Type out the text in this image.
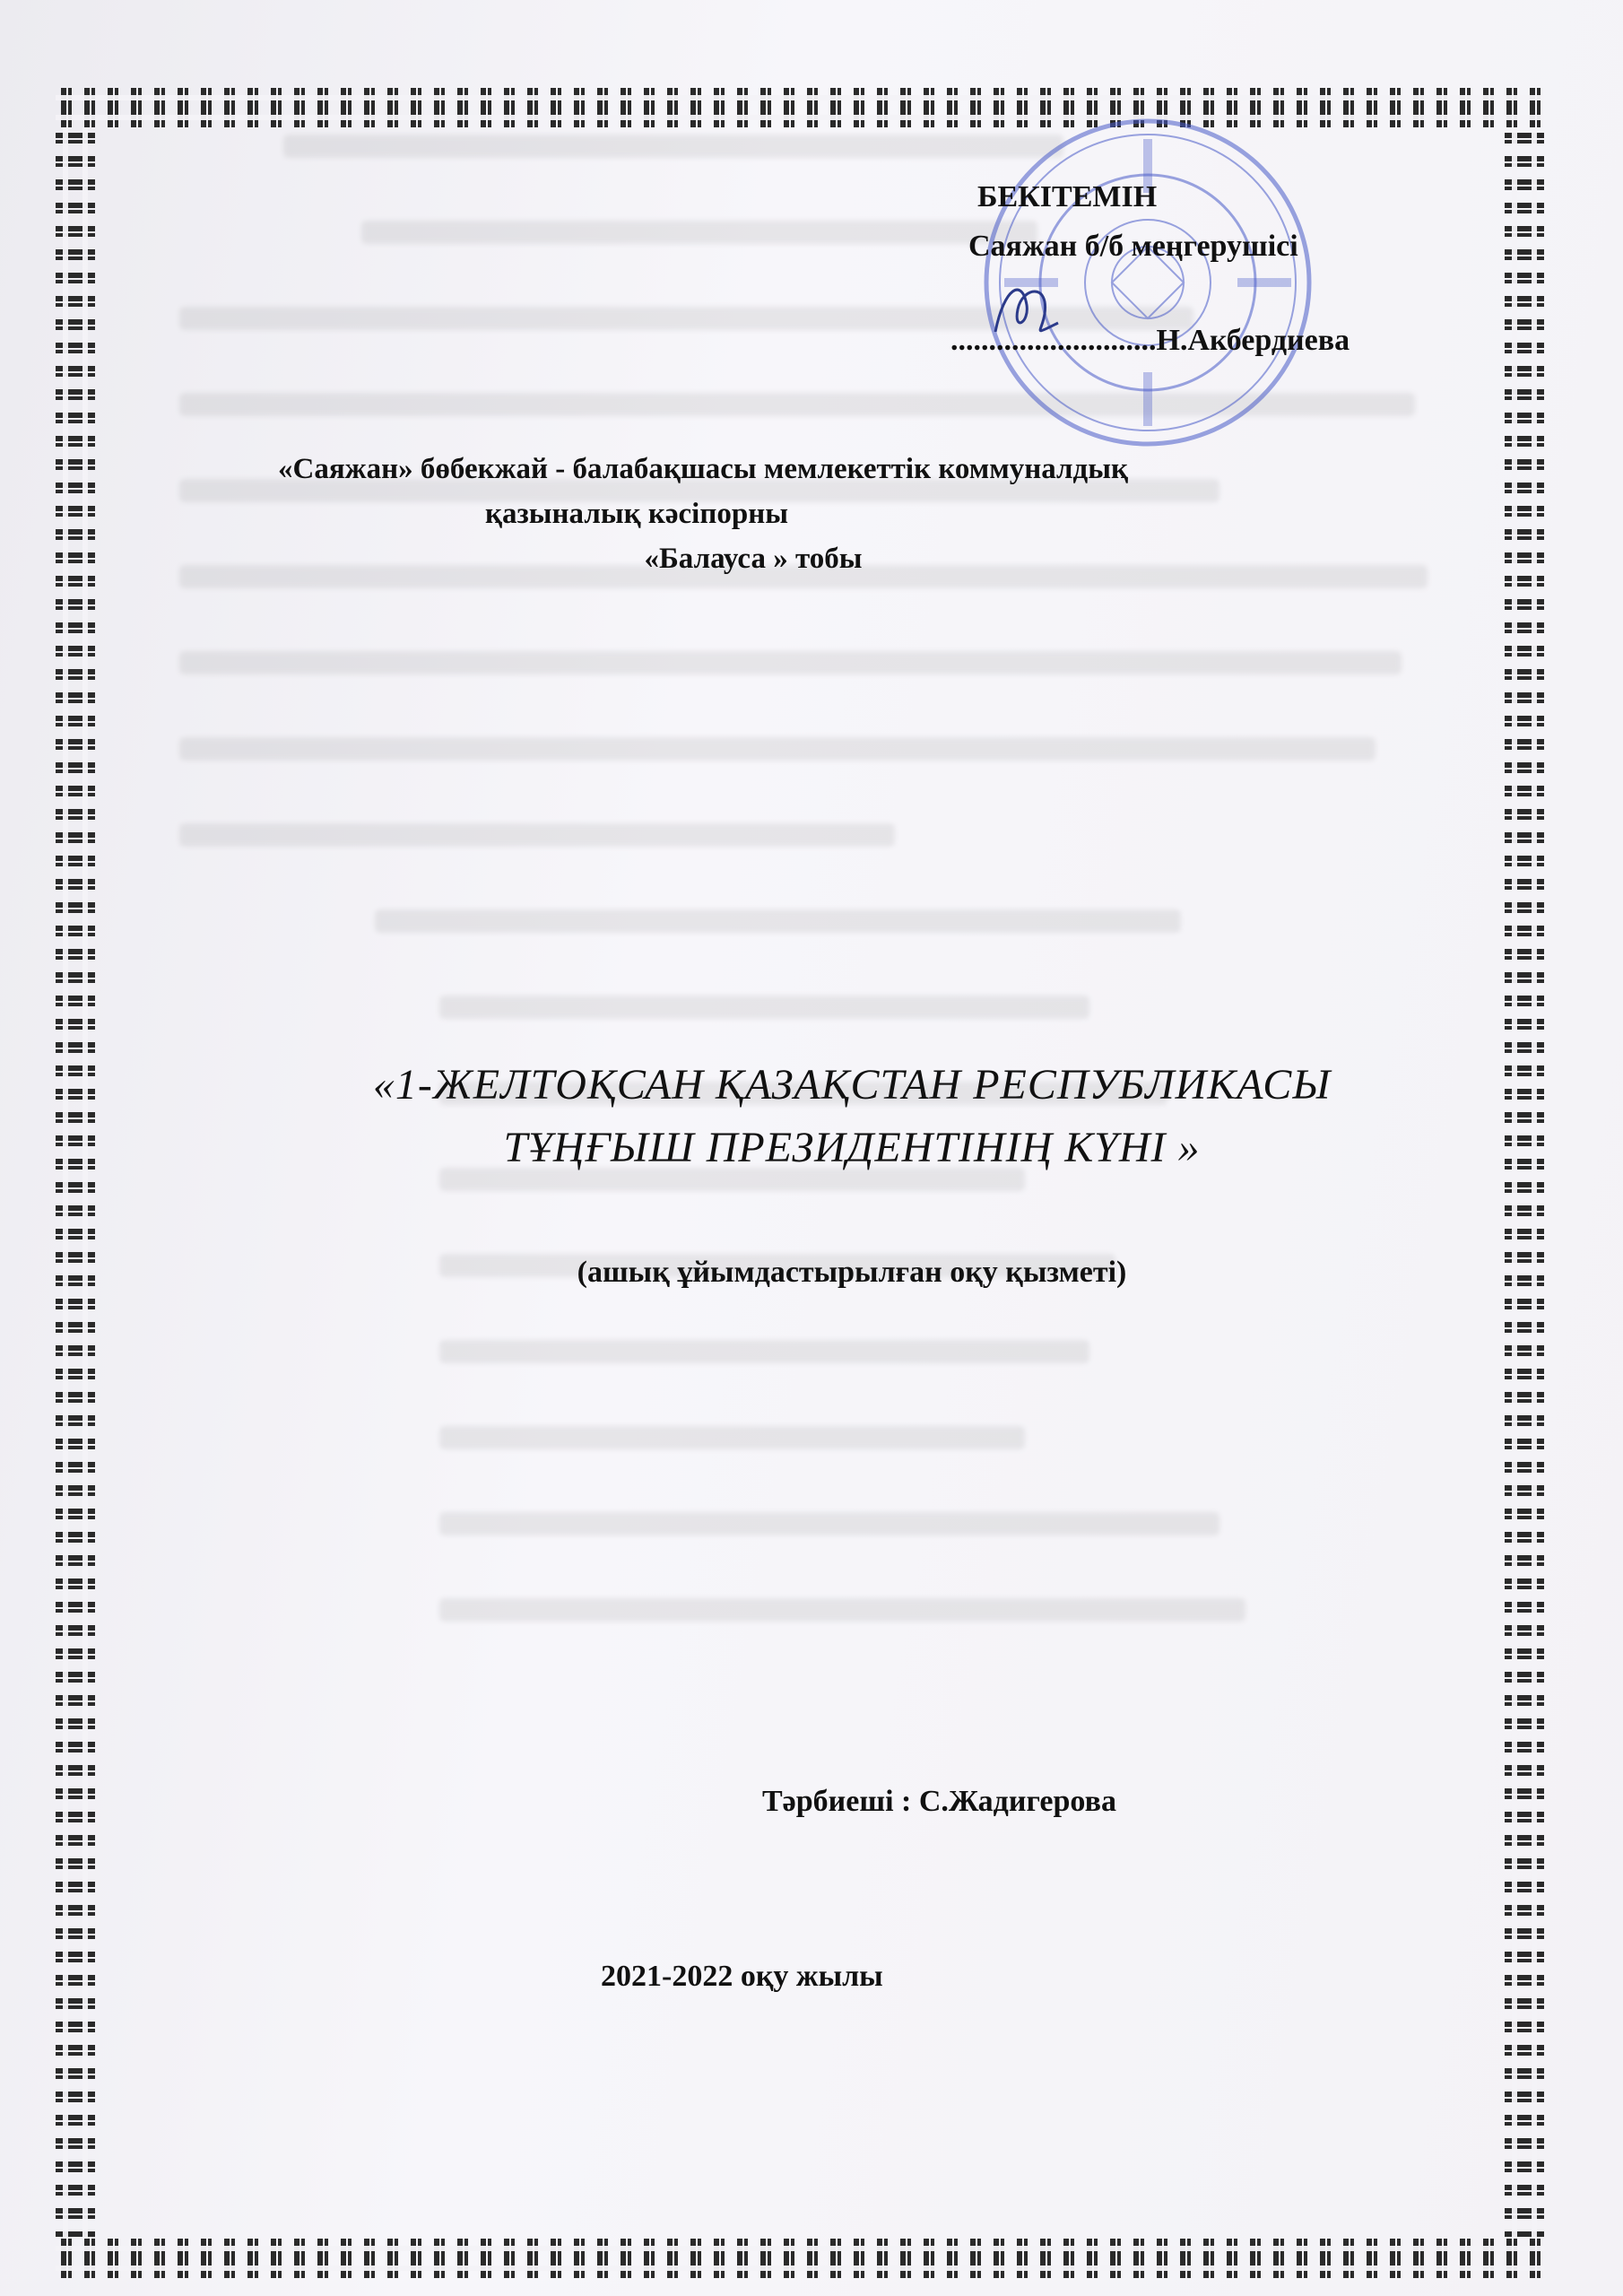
БЕКІТЕМІН
Саяжан б/б меңгерушісі
...........................Н.Акбердиева
«Саяжан» бөбекжай - балабақшасы мемлекеттік коммуналдық
қазыналық кәсіпорны
«Балауса » тобы
«1-ЖЕЛТОҚСАН ҚАЗАҚСТАН РЕСПУБЛИКАСЫ
ТҰҢҒЫШ ПРЕЗИДЕНТІНІҢ КҮНІ »
(ашық ұйымдастырылған оқу қызметі)
Тәрбиеші : С.Жадигерова
2021-2022 оқу жылы
